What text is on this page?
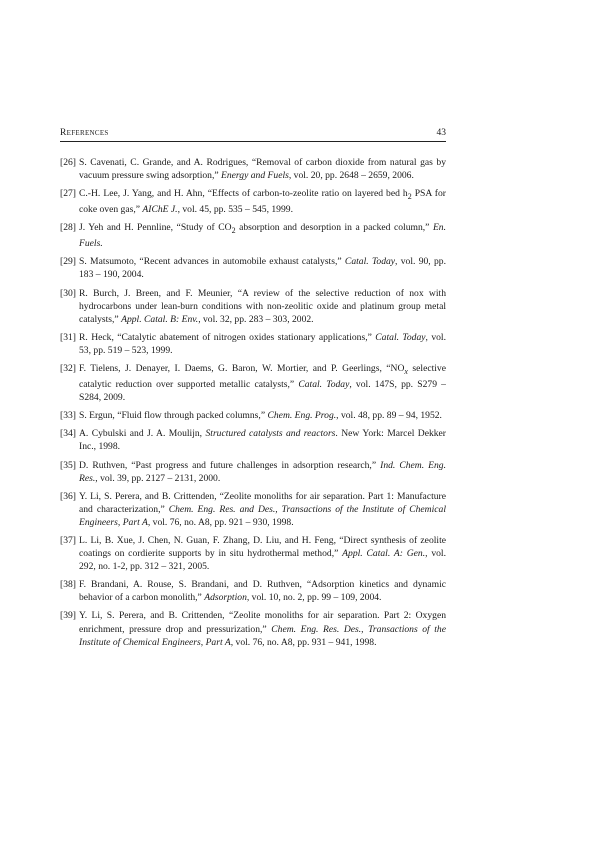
References	43
[26] S. Cavenati, C. Grande, and A. Rodrigues, “Removal of carbon dioxide from natural gas by vacuum pressure swing adsorption,” Energy and Fuels, vol. 20, pp. 2648 – 2659, 2006.
[27] C.-H. Lee, J. Yang, and H. Ahn, “Effects of carbon-to-zeolite ratio on layered bed $h_2$ PSA for coke oven gas,” AIChE J., vol. 45, pp. 535 – 545, 1999.
[28] J. Yeh and H. Pennline, “Study of $CO_2$ absorption and desorption in a packed column,” En. Fuels.
[29] S. Matsumoto, “Recent advances in automobile exhaust catalysts,” Catal. Today, vol. 90, pp. 183 – 190, 2004.
[30] R. Burch, J. Breen, and F. Meunier, “A review of the selective reduction of nox with hydrocarbons under lean-burn conditions with non-zeolitic oxide and platinum group metal catalysts,” Appl. Catal. B: Env., vol. 32, pp. 283 – 303, 2002.
[31] R. Heck, “Catalytic abatement of nitrogen oxides stationary applications,” Catal. Today, vol. 53, pp. 519 – 523, 1999.
[32] F. Tielens, J. Denayer, I. Daems, G. Baron, W. Mortier, and P. Geerlings, “$NO_x$ selective catalytic reduction over supported metallic catalysts,” Catal. Today, vol. 147S, pp. S279 – S284, 2009.
[33] S. Ergun, “Fluid flow through packed columns,” Chem. Eng. Prog., vol. 48, pp. 89 – 94, 1952.
[34] A. Cybulski and J. A. Moulijn, Structured catalysts and reactors. New York: Marcel Dekker Inc., 1998.
[35] D. Ruthven, “Past progress and future challenges in adsorption research,” Ind. Chem. Eng. Res., vol. 39, pp. 2127 – 2131, 2000.
[36] Y. Li, S. Perera, and B. Crittenden, “Zeolite monoliths for air separation. Part 1: Manufacture and characterization,” Chem. Eng. Res. and Des., Transactions of the Institute of Chemical Engineers, Part A, vol. 76, no. A8, pp. 921 – 930, 1998.
[37] L. Li, B. Xue, J. Chen, N. Guan, F. Zhang, D. Liu, and H. Feng, “Direct synthesis of zeolite coatings on cordierite supports by in situ hydrothermal method,” Appl. Catal. A: Gen., vol. 292, no. 1-2, pp. 312 – 321, 2005.
[38] F. Brandani, A. Rouse, S. Brandani, and D. Ruthven, “Adsorption kinetics and dynamic behavior of a carbon monolith,” Adsorption, vol. 10, no. 2, pp. 99 – 109, 2004.
[39] Y. Li, S. Perera, and B. Crittenden, “Zeolite monoliths for air separation. Part 2: Oxygen enrichment, pressure drop and pressurization,” Chem. Eng. Res. Des., Transactions of the Institute of Chemical Engineers, Part A, vol. 76, no. A8, pp. 931 – 941, 1998.
